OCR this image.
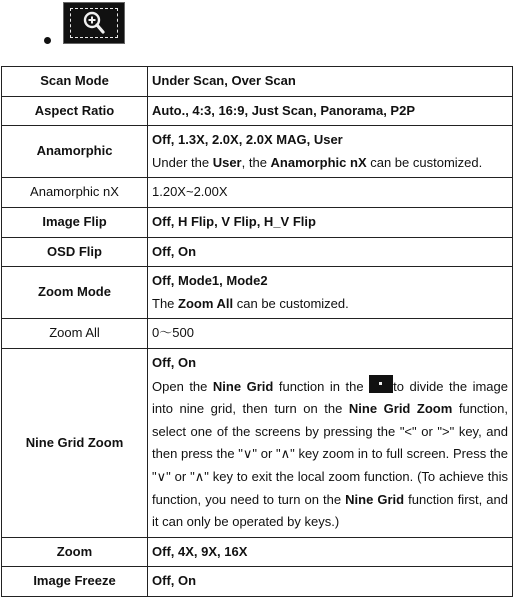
Scan Mode	Under Scan, Over Scan
Aspect Ratio	Auto., 4:3, 16:9, Just Scan, Panorama, P2P
Anamorphic	Off, 1.3X, 2.0X, 2.0X MAG, User
Under the User, the Anamorphic nX can be customized.

Anamorphic nX	1.20X~2.00X
Image Flip	Off, H Flip, V Flip, H_V Flip
OSD Flip	Off, On
Zoom Mode	Off, Mode1, Mode2
The Zoom All can be customized.

Zoom All	0～500
Nine Grid Zoom	Off, On
Open the Nine Grid function in the to divide the image into nine grid, then turn on the Nine Grid Zoom function, select one of the screens by pressing the "<" or ">" key, and then press the "∨" or "∧" key zoom in to full screen. Press the "∨" or "∧" key to exit the local zoom function. (To achieve this function, you need to turn on the Nine Grid function first, and it can only be operated by keys.)

Zoom	Off, 4X, 9X, 16X
Image Freeze	Off, On
